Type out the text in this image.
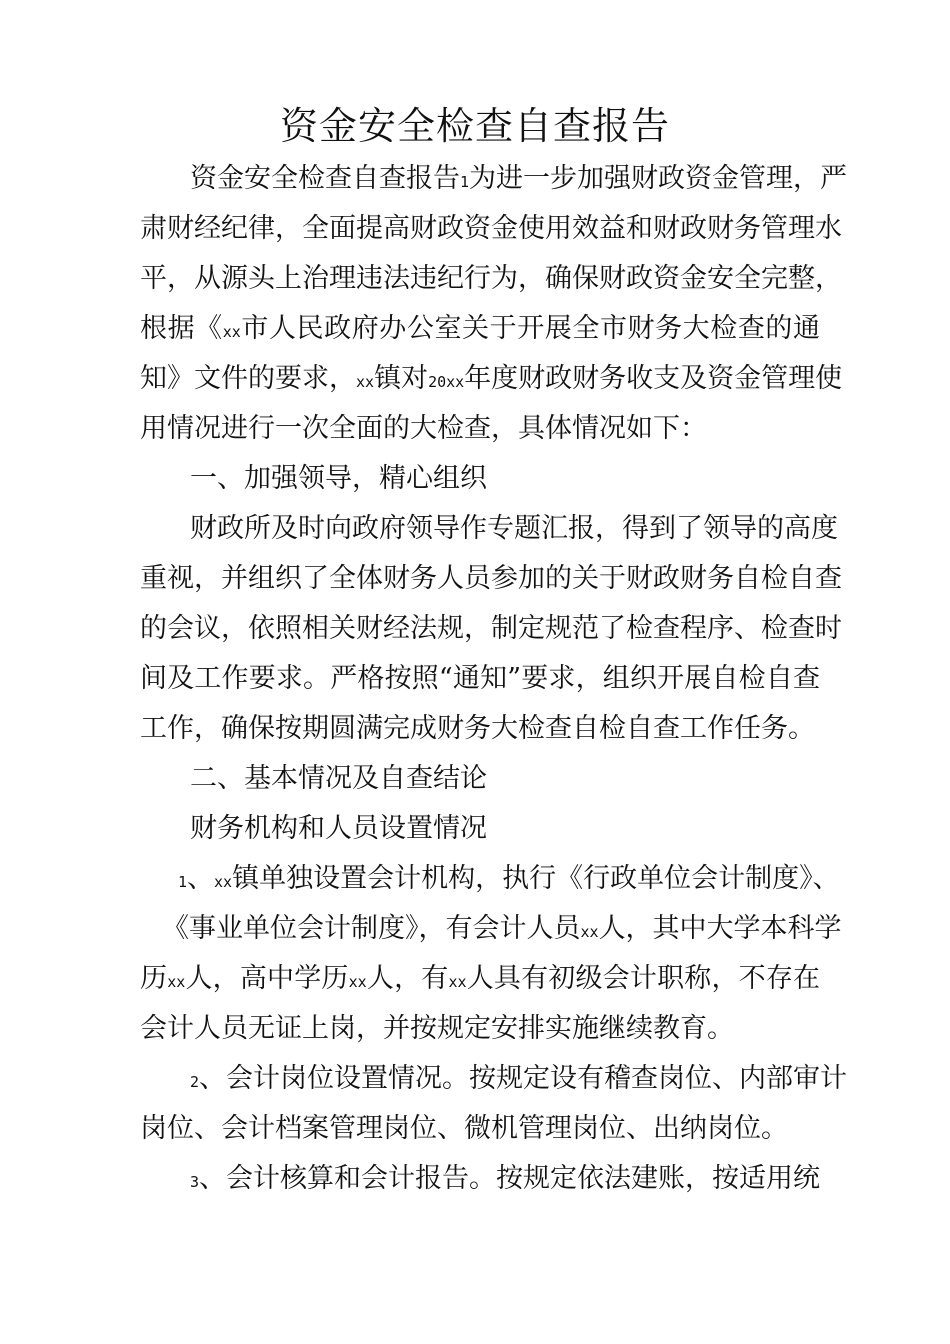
资金安全检查自查报告
资金安全检查自查报告1为进一步加强财政资金管理，严
肃财经纪律，全面提高财政资金使用效益和财政财务管理水
平，从源头上治理违法违纪行为，确保财政资金安全完整，
根据《xx市人民政府办公室关于开展全市财务大检查的通
知》文件的要求，xx镇对20xx年度财政财务收支及资金管理使
用情况进行一次全面的大检查，具体情况如下：
一、加强领导，精心组织
财政所及时向政府领导作专题汇报，得到了领导的高度
重视，并组织了全体财务人员参加的关于财政财务自检自查
的会议，依照相关财经法规，制定规范了检查程序、检查时
间及工作要求。严格按照“通知”要求，组织开展自检自查
工作，确保按期圆满完成财务大检查自检自查工作任务。
二、基本情况及自查结论
财务机构和人员设置情况
1、xx镇单独设置会计机构，执行《行政单位会计制度》、
《事业单位会计制度》，有会计人员xx人，其中大学本科学
历xx人，高中学历xx人，有xx人具有初级会计职称，不存在
会计人员无证上岗，并按规定安排实施继续教育。
2、会计岗位设置情况。按规定设有稽查岗位、内部审计
岗位、会计档案管理岗位、微机管理岗位、出纳岗位。
3、会计核算和会计报告。按规定依法建账，按适用统
